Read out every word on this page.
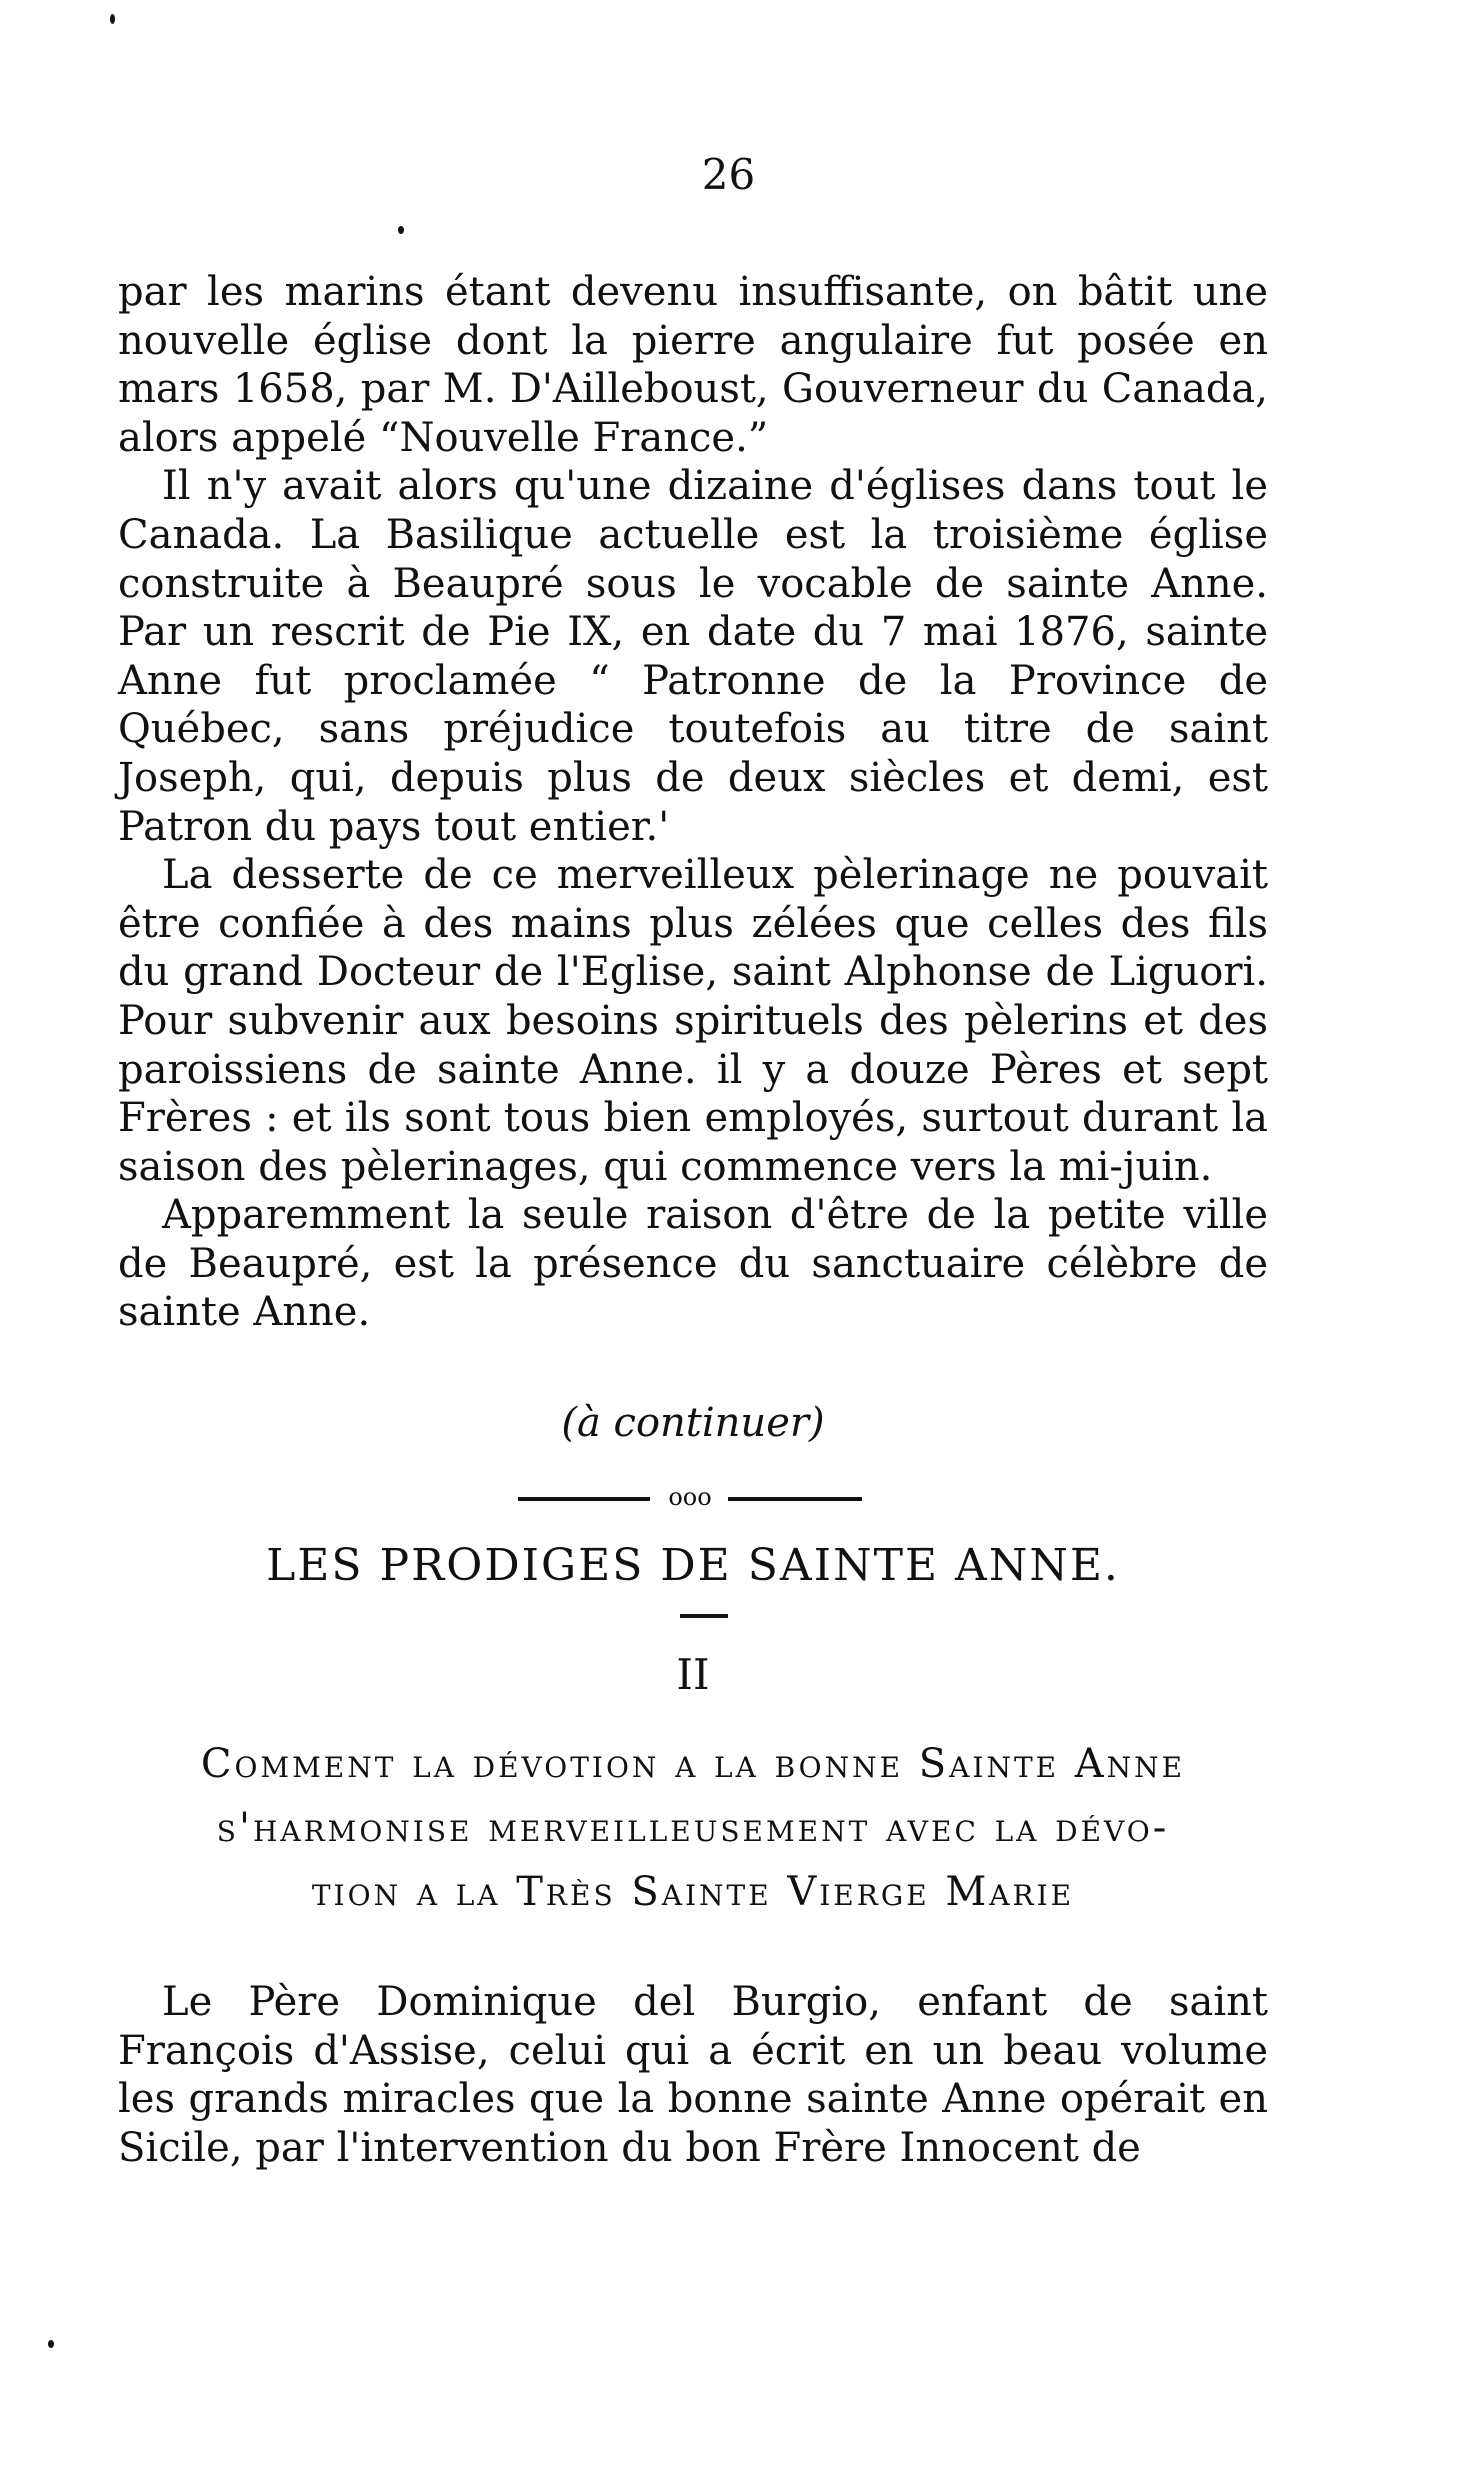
26

par les marins étant devenu insuffisante, on bâtit une nouvelle église dont la pierre angulaire fut posée en mars 1658, par M. D'Ailleboust, Gouverneur du Canada, alors appelé “Nouvelle France.”

Il n'y avait alors qu'une dizaine d'églises dans tout le Canada. La Basilique actuelle est la troisième église construite à Beaupré sous le vocable de sainte Anne. Par un rescrit de Pie IX, en date du 7 mai 1876, sainte Anne fut proclamée “ Patronne de la Province de Québec, sans préjudice toutefois au titre de saint Joseph, qui, depuis plus de deux siècles et demi, est Patron du pays tout entier.'

La desserte de ce merveilleux pèlerinage ne pouvait être confiée à des mains plus zélées que celles des fils du grand Docteur de l'Eglise, saint Alphonse de Liguori. Pour subvenir aux besoins spirituels des pèlerins et des paroissiens de sainte Anne. il y a douze Pères et sept Frères : et ils sont tous bien employés, surtout durant la saison des pèlerinages, qui commence vers la mi-juin.

Apparemment la seule raison d'être de la petite ville de Beaupré, est la présence du sanctuaire célèbre de sainte Anne.

(à continuer)
ooo
LES PRODIGES DE SAINTE ANNE.
II
Comment la dévotion a la bonne Sainte Anne
s'harmonise merveilleusement avec la dévo-
tion a la Très Sainte Vierge Marie

Le Père Dominique del Burgio, enfant de saint François d'Assise, celui qui a écrit en un beau volume les grands miracles que la bonne sainte Anne opérait en Sicile, par l'intervention du bon Frère Innocent de
